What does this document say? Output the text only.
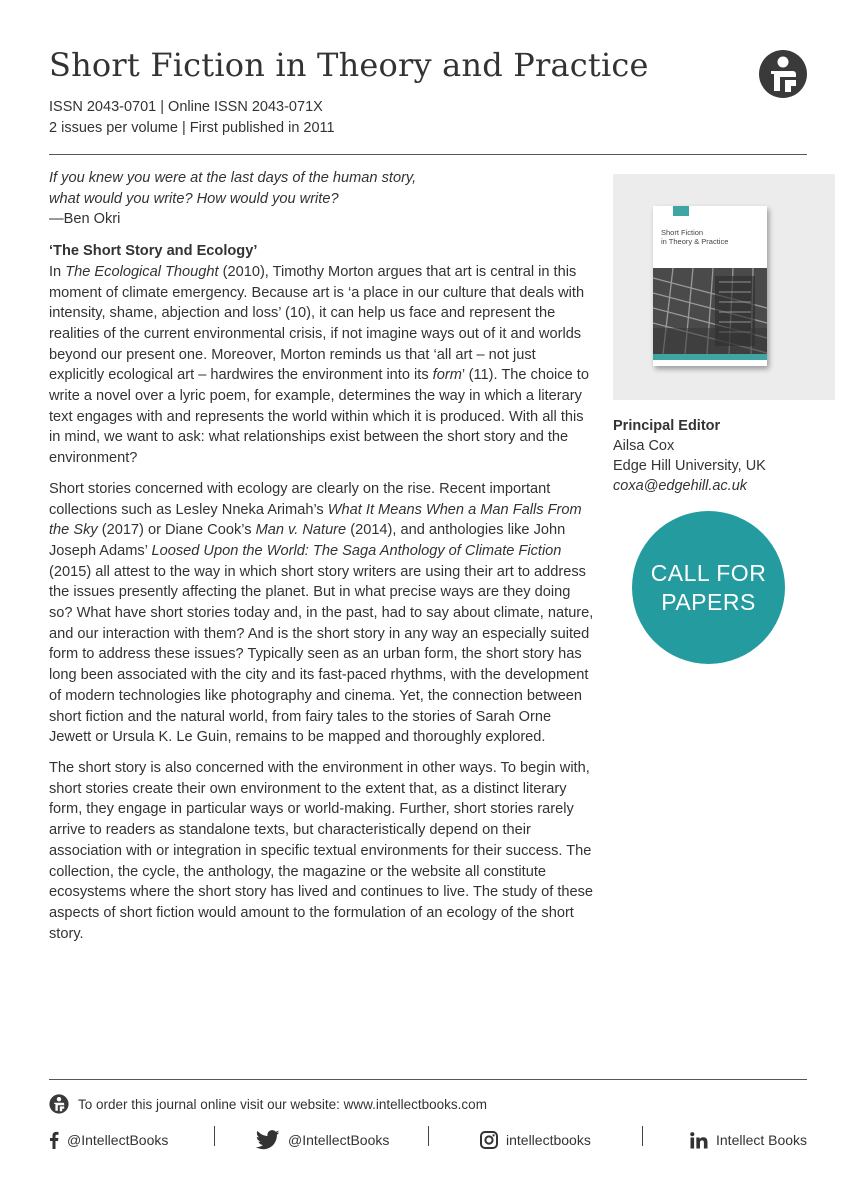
Short Fiction in Theory and Practice
ISSN 2043-0701 | Online ISSN 2043-071X
2 issues per volume | First published in 2011
If you knew you were at the last days of the human story,
what would you write? How would you write?
—Ben Okri
‘The Short Story and Ecology’

In The Ecological Thought (2010), Timothy Morton argues that art is central in this moment of climate emergency. Because art is ‘a place in our culture that deals with intensity, shame, abjection and loss’ (10), it can help us face and represent the realities of the current environmental crisis, if not imagine ways out of it and worlds beyond our present one. Moreover, Morton reminds us that ‘all art – not just explicitly ecological art – hardwires the environment into its form’ (11). The choice to write a novel over a lyric poem, for example, determines the way in which a literary text engages with and represents the world within which it is produced. With all this in mind, we want to ask: what relationships exist between the short story and the environment?

Short stories concerned with ecology are clearly on the rise. Recent important collections such as Lesley Nneka Arimah’s What It Means When a Man Falls From the Sky (2017) or Diane Cook’s Man v. Nature (2014), and anthologies like John Joseph Adams’ Loosed Upon the World: The Saga Anthology of Climate Fiction (2015) all attest to the way in which short story writers are using their art to address the issues presently affecting the planet. But in what precise ways are they doing so? What have short stories today and, in the past, had to say about climate, nature, and our interaction with them? And is the short story in any way an especially suited form to address these issues? Typically seen as an urban form, the short story has long been associated with the city and its fast-paced rhythms, with the development of modern technologies like photography and cinema. Yet, the connection between short fiction and the natural world, from fairy tales to the stories of Sarah Orne Jewett or Ursula K. Le Guin, remains to be mapped and thoroughly explored.

The short story is also concerned with the environment in other ways. To begin with, short stories create their own environment to the extent that, as a distinct literary form, they engage in particular ways or world-making. Further, short stories rarely arrive to readers as standalone texts, but characteristically depend on their association with or integration in specific textual environments for their success. The collection, the cycle, the anthology, the magazine or the website all constitute ecosystems where the short story has lived and continues to live. The study of these aspects of short fiction would amount to the formulation of an ecology of the short story.

Short Fiction
in Theory & Practice
Principal Editor
Ailsa Cox
Edge Hill University, UK
coxa@edgehill.ac.uk
CALL FOR
PAPERS
To order this journal online visit our website: www.intellectbooks.com
@IntellectBooks	@IntellectBooks	intellectbooks	Intellect Books
